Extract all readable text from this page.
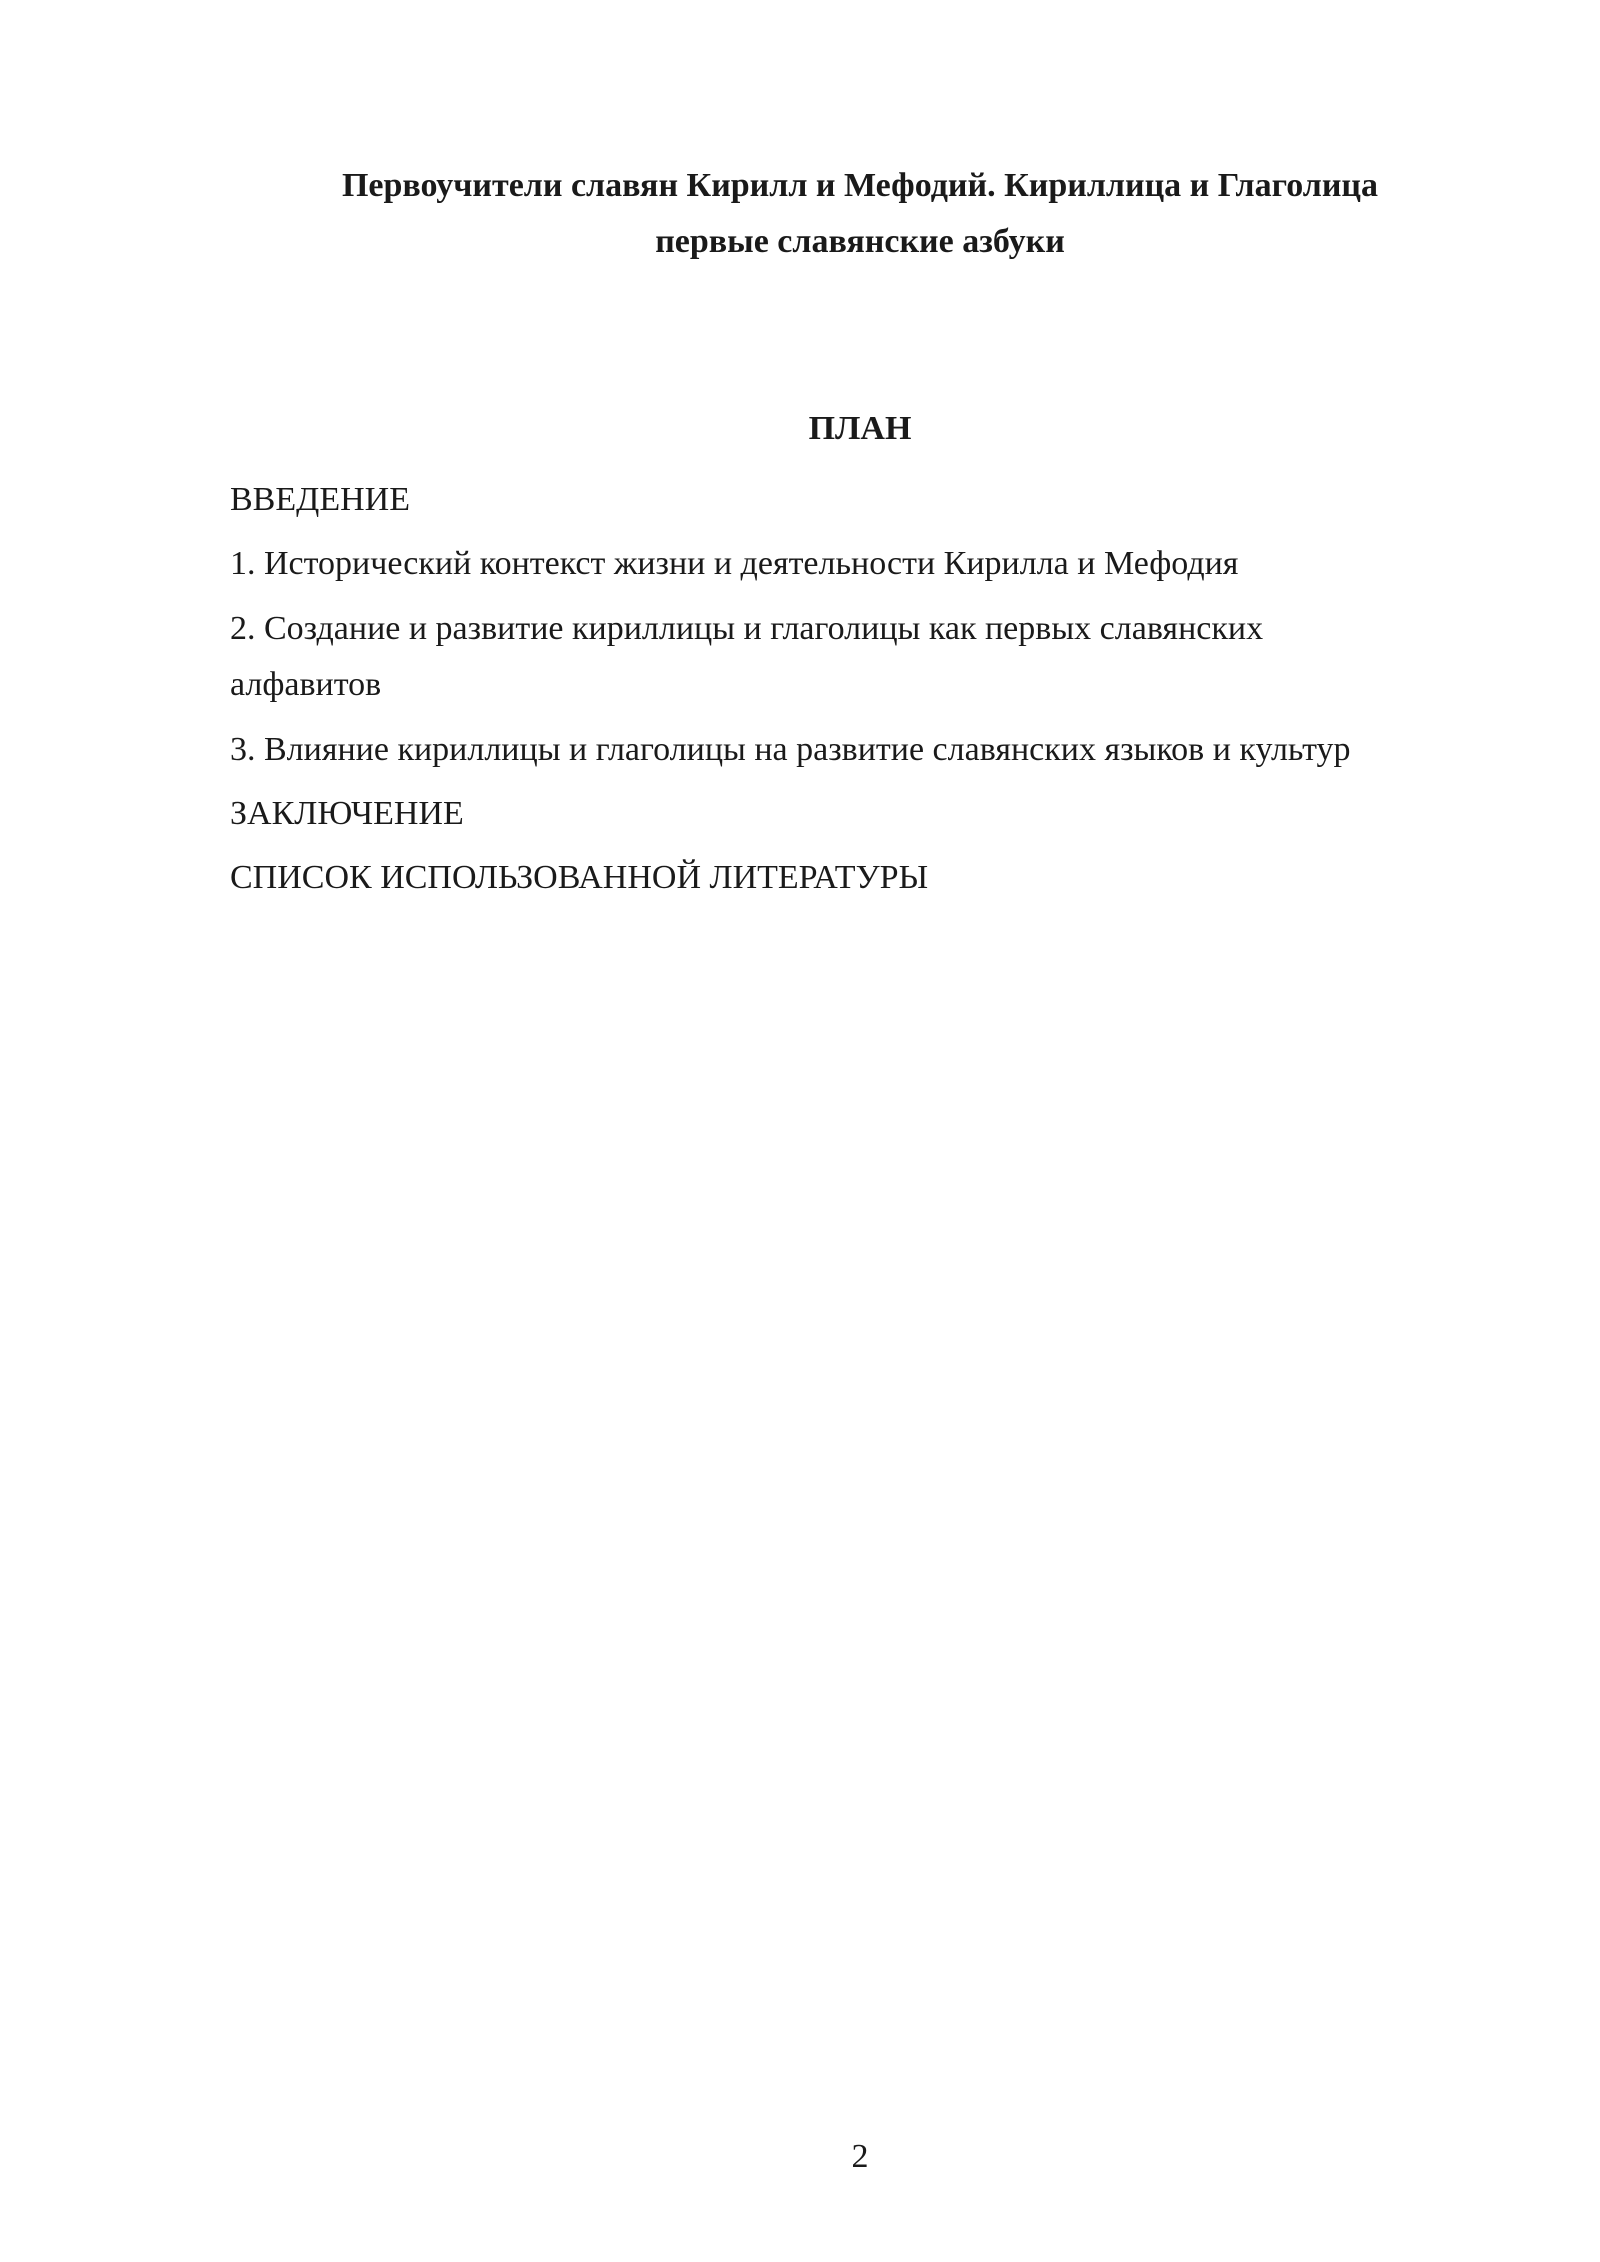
Первоучители славян Кирилл и Мефодий. Кириллица и Глаголица
первые славянские азбуки
ПЛАН
ВВЕДЕНИЕ
1. Исторический контекст жизни и деятельности Кирилла и Мефодия
2. Создание и развитие кириллицы и глаголицы как первых славянских
алфавитов
3. Влияние кириллицы и глаголицы на развитие славянских языков и культур
ЗАКЛЮЧЕНИЕ
СПИСОК ИСПОЛЬЗОВАННОЙ ЛИТЕРАТУРЫ
2
